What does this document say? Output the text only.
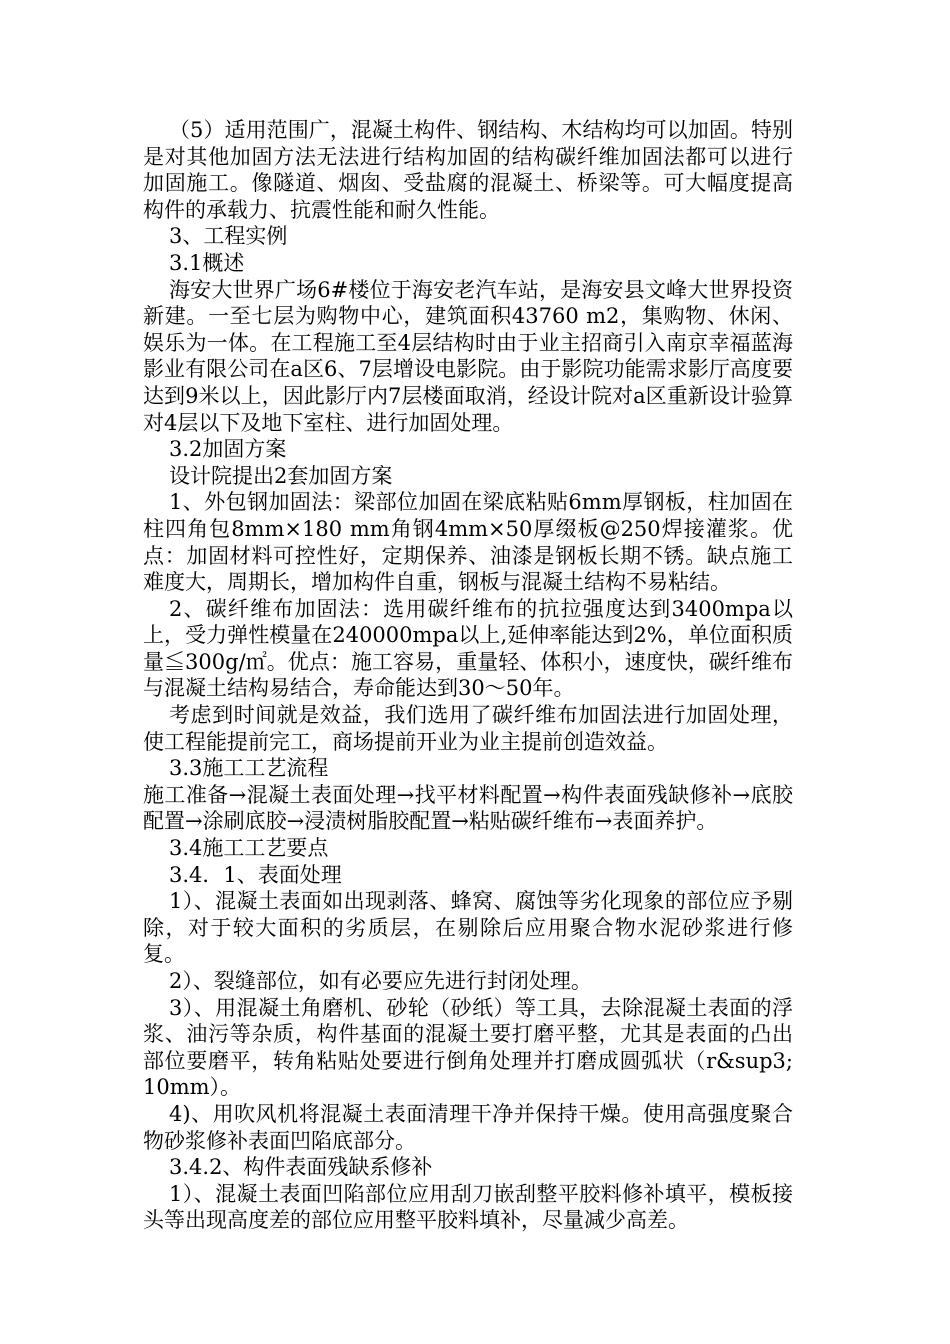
（5）适用范围广，混凝土构件、钢结构、木结构均可以加固。特别是对其他加固方法无法进行结构加固的结构碳纤维加固法都可以进行加固施工。像隧道、烟囱、受盐腐的混凝土、桥梁等。可大幅度提高构件的承载力、抗震性能和耐久性能。

3、工程实例

3.1概述

海安大世界广场6#楼位于海安老汽车站，是海安县文峰大世界投资新建。一至七层为购物中心，建筑面积43760 m2，集购物、休闲、娱乐为一体。在工程施工至4层结构时由于业主招商引入南京幸福蓝海影业有限公司在a区6、7层增设电影院。由于影院功能需求影厅高度要达到9米以上，因此影厅内7层楼面取消，经设计院对a区重新设计验算对4层以下及地下室柱、进行加固处理。

3.2加固方案

设计院提出2套加固方案

1、外包钢加固法：梁部位加固在梁底粘贴6mm厚钢板，柱加固在柱四角包8mm×180 mm角钢4mm×50厚缀板@250焊接灌浆。优点：加固材料可控性好，定期保养、油漆是钢板长期不锈。缺点施工难度大，周期长，增加构件自重，钢板与混凝土结构不易粘结。

2、碳纤维布加固法：选用碳纤维布的抗拉强度达到3400mpa以上，受力弹性模量在240000mpa以上,延伸率能达到2%，单位面积质量≦300g/㎡。优点：施工容易，重量轻、体积小，速度快，碳纤维布与混凝土结构易结合，寿命能达到30～50年。

考虑到时间就是效益，我们选用了碳纤维布加固法进行加固处理，使工程能提前完工，商场提前开业为业主提前创造效益。

3.3施工工艺流程

施工准备→混凝土表面处理→找平材料配置→构件表面残缺修补→底胶配置→涂刷底胶→浸渍树脂胶配置→粘贴碳纤维布→表面养护。

3.4施工工艺要点

3.4．1、表面处理

1）、混凝土表面如出现剥落、蜂窝、腐蚀等劣化现象的部位应予剔除，对于较大面积的劣质层，在剔除后应用聚合物水泥砂浆进行修复。

2）、裂缝部位，如有必要应先进行封闭处理。

3）、用混凝土角磨机、砂轮（砂纸）等工具，去除混凝土表面的浮浆、油污等杂质，构件基面的混凝土要打磨平整，尤其是表面的凸出部位要磨平，转角粘贴处要进行倒角处理并打磨成圆弧状（r&sup3; 10mm）。

4)、用吹风机将混凝土表面清理干净并保持干燥。使用高强度聚合物砂浆修补表面凹陷底部分。

3.4.2、构件表面残缺系修补

1）、混凝土表面凹陷部位应用刮刀嵌刮整平胶料修补填平，模板接头等出现高度差的部位应用整平胶料填补，尽量减少高差。
